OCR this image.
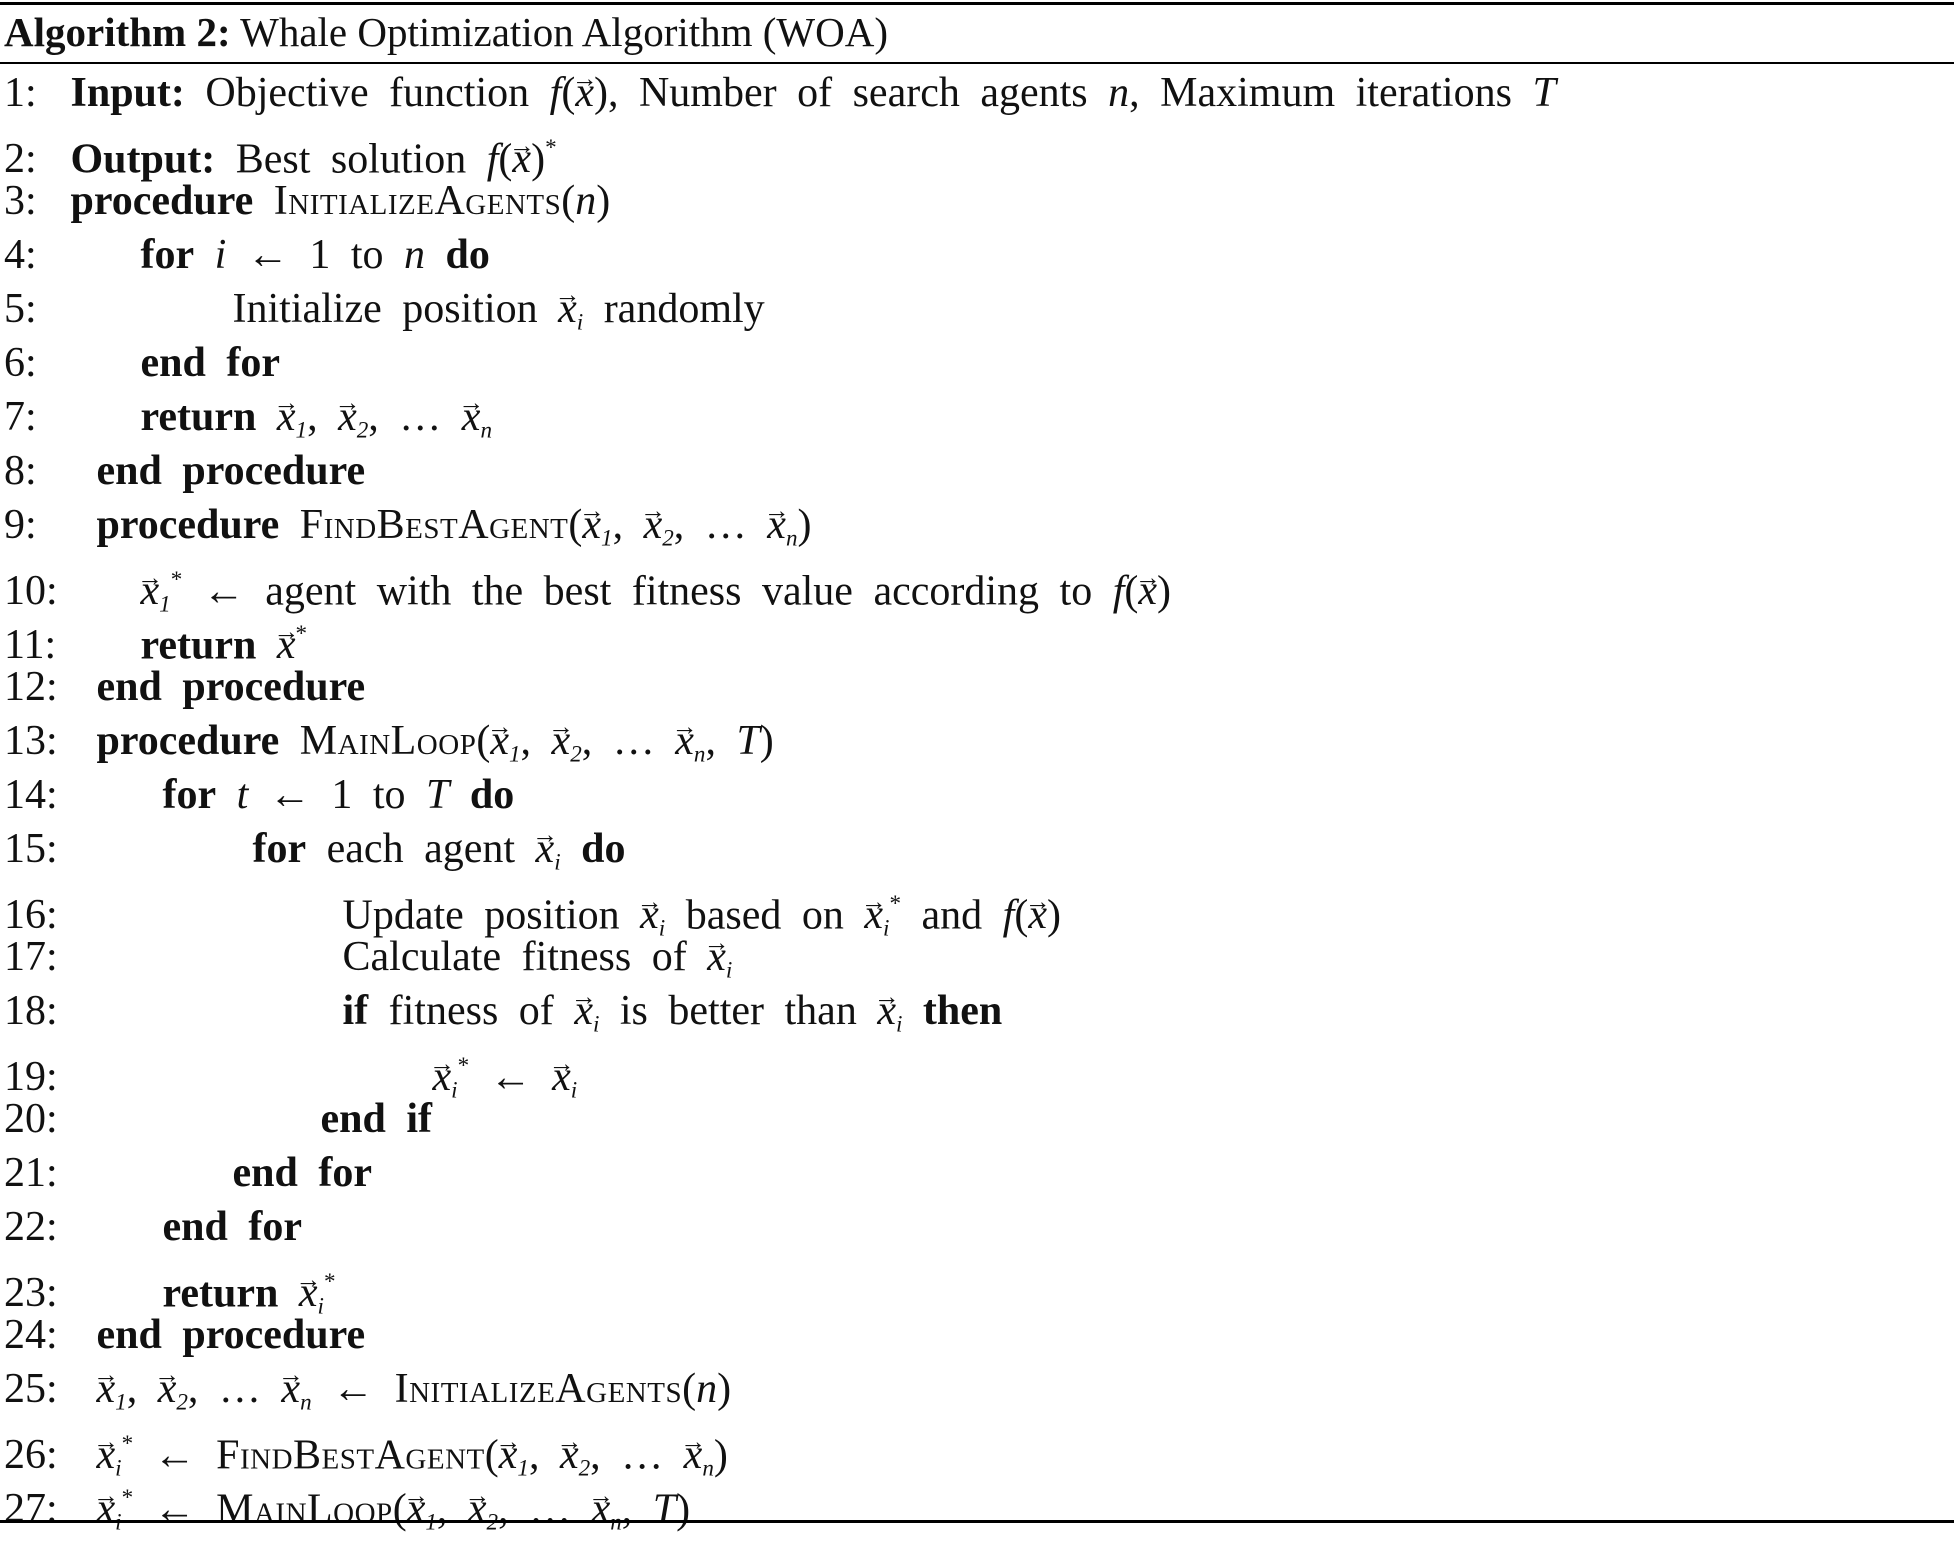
Algorithm 2: Whale Optimization Algorithm (WOA)
1: Input: Objective function f(→ x), Number of search agents n, Maximum iterations T
2: Output: Best solution f(→ x)*
3: procedure InitializeAgents(n)
4: for i ← 1 to n do
5:	Initialize position → $x_i$ randomly
6: end for
7: return → $x_1$, → $x_2$, … → $x_n$
8: end procedure
9: procedure FindBestAgent(→ $x_1$, → $x_2$, … → $x_n$)
10: → $x_1^*$ ← agent with the best fitness value according to f(→ x)
11: return → x*
12: end procedure
13: procedure MainLoop(→ $x_1$, → $x_2$, … → $x_n$, T)
14: for t ← 1 to T do
15:	for each agent → $x_i$ do
16:	Update position → $x_i$ based on → $x_i^*$ and f(→ x)
17:	Calculate fitness of → $x_i$
18:	if fitness of → $x_i$ is better than → $x_i$ then
19:	→ $x_i^*$ ← → $x_i$
20:	end if
21:	end for
22: end for
23: return → $x_i^*$
24: end procedure
25: → $x_1$, → $x_2$, … → $x_n$ ← InitializeAgents(n)
26: → $x_i^*$ ← FindBestAgent(→ $x_1$, → $x_2$, … → $x_n$)
27: → $x_i^*$ ← MainLoop(→ $x_1$, → $x_2$, … → $x_n$, T)
